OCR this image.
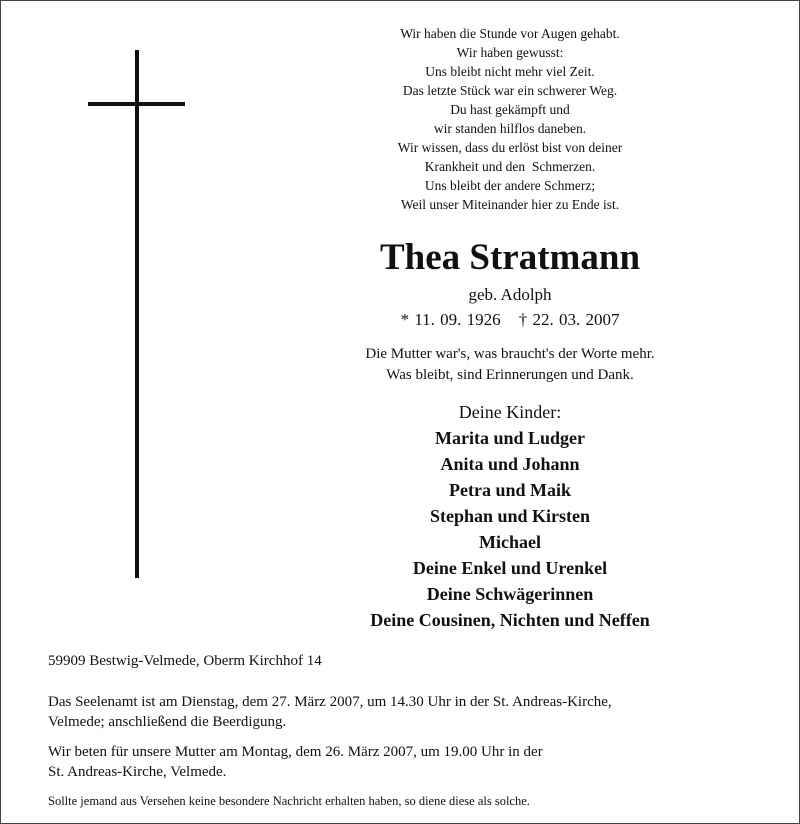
Wir haben die Stunde vor Augen gehabt.
Wir haben gewusst:
Uns bleibt nicht mehr viel Zeit.
Das letzte Stück war ein schwerer Weg.
Du hast gekämpft und
wir standen hilflos daneben.
Wir wissen, dass du erlöst bist von deiner
Krankheit und den  Schmerzen.
Uns bleibt der andere Schmerz;
Weil unser Miteinander hier zu Ende ist.
Thea Stratmann
geb. Adolph
* 11. 09. 1926 † 22. 03. 2007
Die Mutter war's, was braucht's der Worte mehr.
Was bleibt, sind Erinnerungen und Dank.
Deine Kinder:
Marita und Ludger
Anita und Johann
Petra und Maik
Stephan und Kirsten
Michael
Deine Enkel und Urenkel
Deine Schwägerinnen
Deine Cousinen, Nichten und Neffen
59909 Bestwig-Velmede, Oberm Kirchhof 14
Das Seelenamt ist am Dienstag, dem 27. März 2007, um 14.30 Uhr in der St. Andreas-Kirche,
Velmede; anschließend die Beerdigung.
Wir beten für unsere Mutter am Montag, dem 26. März 2007, um 19.00 Uhr in der
St. Andreas-Kirche, Velmede.
Sollte jemand aus Versehen keine besondere Nachricht erhalten haben, so diene diese als solche.
